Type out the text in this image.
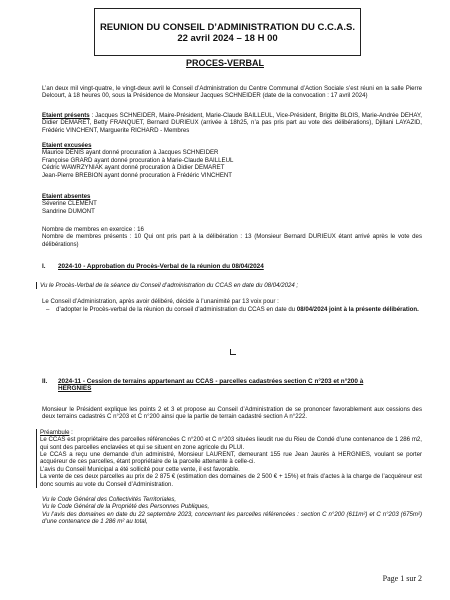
REUNION DU CONSEIL D’ADMINISTRATION DU C.C.A.S.
22 avril 2024 – 18 H 00
PROCES-VERBAL

L’an deux mil vingt-quatre, le vingt-deux avril le Conseil d’Administration du Centre Communal d’Action Sociale s’est réuni en la salle Pierre Delcourt, à 18 heures 00, sous la Présidence de Monsieur Jacques SCHNEIDER (date de la convocation : 17 avril 2024)

Etaient présents : Jacques SCHNEIDER, Maire-Président, Marie-Claude BAILLEUL, Vice-Président, Brigitte BLOIS, Marie-Andrée DEHAY, Didier DEMARET, Betty FRANQUET, Bernard DURIEUX (arrivée à 18h25, n’a pas pris part au vote des délibérations), Djillani LAYAZID, Frédéric VINCHENT, Marguerite RICHARD - Membres

Etaient excusées
Maurice DENIS ayant donné procuration à Jacques SCHNEIDER
Françoise GRARD ayant donné procuration à Marie-Claude BAILLEUL
Cédric WAWRZYNIAK ayant donné procuration à Didier DEMARET
Jean-Pierre BREBION ayant donné procuration à Frédéric VINCHENT
Etaient absentes
Séverine CLEMENT
Sandrine DUMONT
Nombre de membres en exercice : 16

Nombre de membres présents : 10 Qui ont pris part à la délibération : 13 (Monsieur Bernard DURIEUX étant arrivé après le vote des délibérations)

I. 2024-10 - Approbation du Procès-Verbal de la réunion du 08/04/2024
Vu le Procès-Verbal de la séance du Conseil d’administration du CCAS en date du 08/04/2024 ;
Le Conseil d’Administration, après avoir délibéré, décide à l’unanimité par 13 voix pour :
– d’adopter le Procès-verbal de la réunion du conseil d’administration du CCAS en date du 08/04/2024 joint à la présente délibération.
II. 2024-11 - Cession de terrains appartenant au CCAS - parcelles cadastrées section C n°203 et n°200 à HERGNIES

Monsieur le Président explique les points 2 et 3 et propose au Conseil d’Administration de se prononcer favorablement aux cessions des deux terrains cadastrés C n°203 et C n°200 ainsi que la partie de terrain cadastré section A n°222.

Préambule :

Le CCAS est propriétaire des parcelles référencées C n°200 et C n°203 situées lieudit rue du Rieu de Condé d’une contenance de 1 286 m2, qui sont des parcelles enclavées et qui se situent en zone agricole du PLUI.

Le CCAS a reçu une demande d’un administré, Monsieur LAURENT, demeurant 155 rue Jean Jaurès à HERGNIES, voulant se porter acquéreur de ces parcelles, étant propriétaire de la parcelle attenante à celle-ci.

L’avis du Conseil Municipal a été sollicité pour cette vente, il est favorable.

La vente de ces deux parcelles au prix de 2 875 € (estimation des domaines de 2 500 € + 15%) et frais d’actes à la charge de l’acquéreur est donc soumis au vote du Conseil d’Administration.

Vu le Code Général des Collectivités Territoriales,
Vu le Code Général de la Propriété des Personnes Publiques,

Vu l’avis des domaines en date du 22 septembre 2023, concernant les parcelles référencées : section C n°200 (611m²) et C n°203 (675m²) d’une contenance de 1 286 m² au total,

Page 1 sur 2
